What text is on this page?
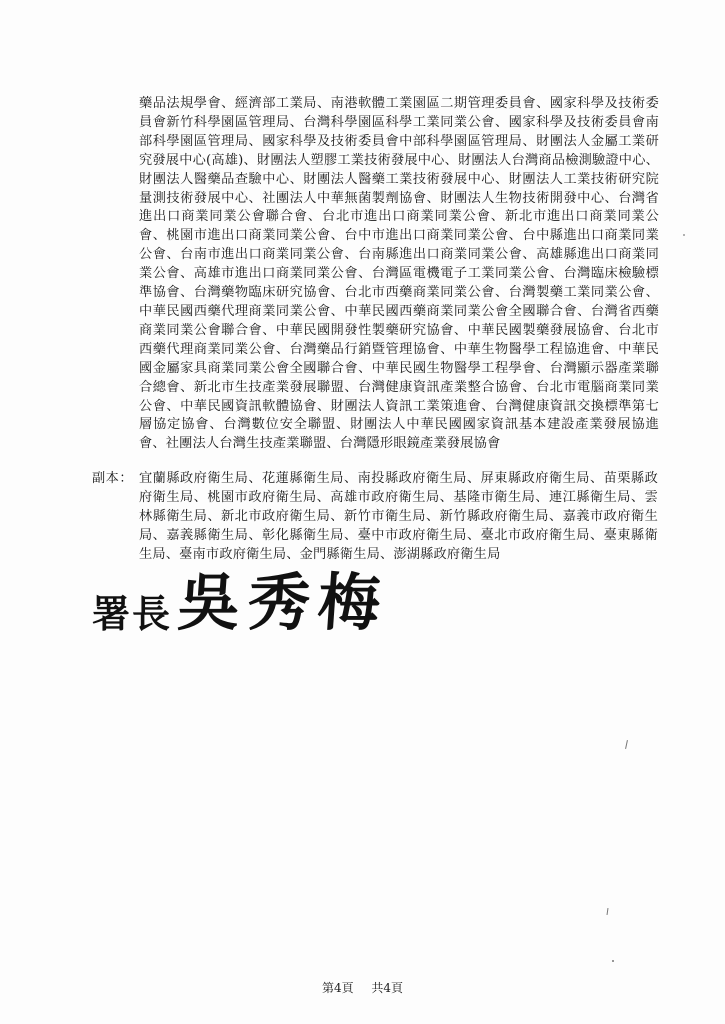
藥品法規學會、經濟部工業局、南港軟體工業園區二期管理委員會、國家科學及技術委員會新竹科學園區管理局、台灣科學園區科學工業同業公會、國家科學及技術委員會南部科學園區管理局、國家科學及技術委員會中部科學園區管理局、財團法人金屬工業研究發展中心(高雄)、財團法人塑膠工業技術發展中心、財團法人台灣商品檢測驗證中心、財團法人醫藥品查驗中心、財團法人醫藥工業技術發展中心、財團法人工業技術研究院量測技術發展中心、社團法人中華無菌製劑協會、財團法人生物技術開發中心、台灣省進出口商業同業公會聯合會、台北市進出口商業同業公會、新北市進出口商業同業公會、桃園市進出口商業同業公會、台中市進出口商業同業公會、台中縣進出口商業同業公會、台南市進出口商業同業公會、台南縣進出口商業同業公會、高雄縣進出口商業同業公會、高雄市進出口商業同業公會、台灣區電機電子工業同業公會、台灣臨床檢驗標準協會、台灣藥物臨床研究協會、台北市西藥商業同業公會、台灣製藥工業同業公會、中華民國西藥代理商業同業公會、中華民國西藥商業同業公會全國聯合會、台灣省西藥商業同業公會聯合會、中華民國開發性製藥研究協會、中華民國製藥發展協會、台北市西藥代理商業同業公會、台灣藥品行銷暨管理協會、中華生物醫學工程協進會、中華民國金屬家具商業同業公會全國聯合會、中華民國生物醫學工程學會、台灣顯示器產業聯合總會、新北市生技產業發展聯盟、台灣健康資訊產業整合協會、台北市電腦商業同業公會、中華民國資訊軟體協會、財團法人資訊工業策進會、台灣健康資訊交換標準第七層協定協會、台灣數位安全聯盟、財團法人中華民國國家資訊基本建設產業發展協進會、社團法人台灣生技產業聯盟、台灣隱形眼鏡產業發展協會
副本： 宜蘭縣政府衛生局、花蓮縣衛生局、南投縣政府衛生局、屏東縣政府衛生局、苗栗縣政府衛生局、桃園市政府衛生局、高雄市政府衛生局、基隆市衛生局、連江縣衛生局、雲林縣衛生局、新北市政府衛生局、新竹市衛生局、新竹縣政府衛生局、嘉義市政府衛生局、嘉義縣衛生局、彰化縣衛生局、臺中市政府衛生局、臺北市政府衛生局、臺東縣衛生局、臺南市政府衛生局、金門縣衛生局、澎湖縣政府衛生局
署長 吳秀梅
第4頁 共4頁
